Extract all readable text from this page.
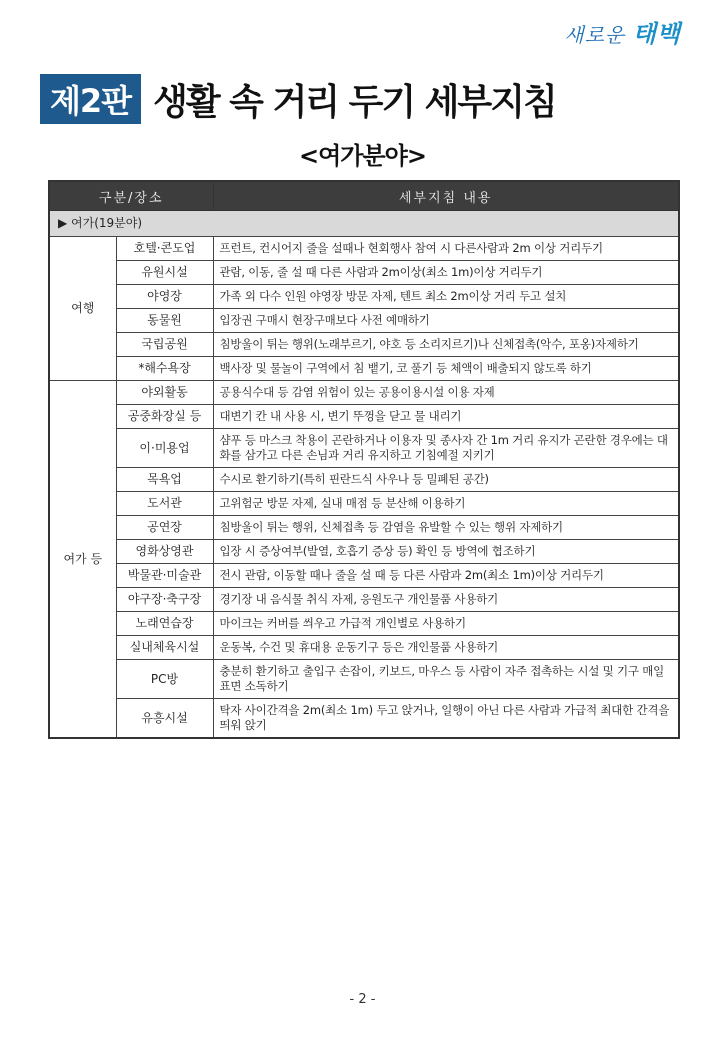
새로운 태백
제2판 생활 속 거리 두기 세부지침
<여가분야>
구분/장소		세부지침 내용
▶ 여가(19분야)		
여행	호텔·콘도업	프런트, 컨시어지 줄을 설때나 현회행사 참여 시 다른사람과 2m 이상 거리두기
	유원시설	관람, 이동, 줄 설 때 다른 사람과 2m이상(최소 1m)이상 거리두기
	야영장	가족 외 다수 인원 야영장 방문 자제, 텐트 최소 2m이상 거리 두고 설치
	동물원	입장권 구매시 현장구매보다 사전 예매하기
	국립공원	침방울이 튀는 행위(노래부르기, 야호 등 소리지르기)나 신체접촉(악수, 포옹)자제하기
	*해수욕장	백사장 및 물놀이 구역에서 침 뱉기, 코 풀기 등 체액이 배출되지 않도록 하기
여가 등	야외활동	공용식수대 등 감염 위험이 있는 공용이용시설 이용 자제
	공중화장실 등	대변기 칸 내 사용 시, 변기 뚜껑을 닫고 물 내리기
	이·미용업	샴푸 등 마스크 착용이 곤란하거나 이용자 및 종사자 간 1m 거리 유지가 곤란한 경우에는 대화를 삼가고 다른 손님과 거리 유지하고 기침예절 지키기
	목욕업	수시로 환기하기(특히 핀란드식 사우나 등 밀폐된 공간)
	도서관	고위험군 방문 자제, 실내 매점 등 분산해 이용하기
	공연장	침방울이 튀는 행위, 신체접촉 등 감염을 유발할 수 있는 행위 자제하기
	영화상영관	입장 시 증상여부(발열, 호흡기 증상 등) 확인 등 방역에 협조하기
	박물관·미술관	전시 관람, 이동할 때나 줄을 설 때 등 다른 사람과 2m(최소 1m)이상 거리두기
	야구장·축구장	경기장 내 음식물 취식 자제, 응원도구 개인물품 사용하기
	노래연습장	마이크는 커버를 씌우고 가급적 개인별로 사용하기
	실내체육시설	운동복, 수건 및 휴대용 운동기구 등은 개인물품 사용하기
	PC방	충분히 환기하고 출입구 손잡이, 키보드, 마우스 등 사람이 자주 접촉하는 시설 및 기구 매일 표면 소독하기
	유흥시설	탁자 사이간격을 2m(최소 1m) 두고 앉거나, 일행이 아닌 다른 사람과 가급적 최대한 간격을 띄워 앉기
- 2 -
